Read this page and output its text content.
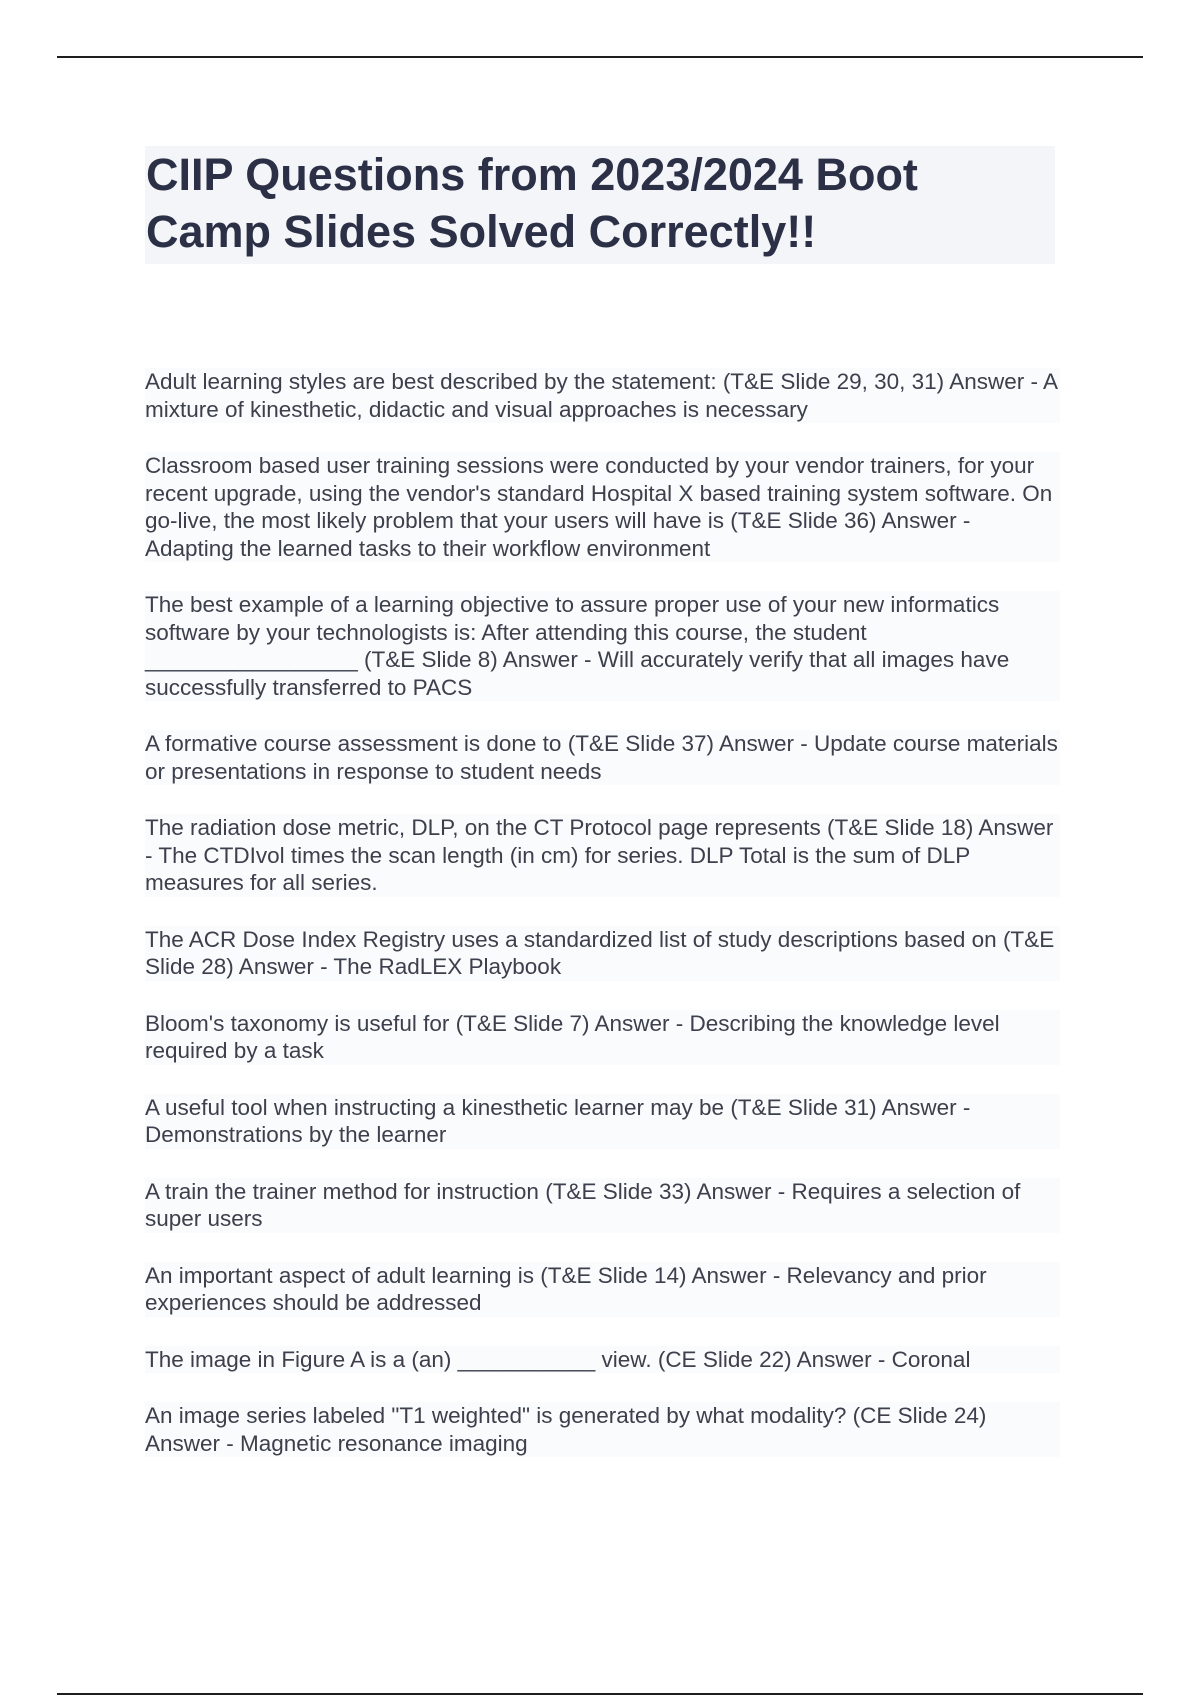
CIIP Questions from 2023/2024 Boot Camp Slides Solved Correctly!!

Adult learning styles are best described by the statement: (T&E Slide 29, 30, 31) Answer - A mixture of kinesthetic, didactic and visual approaches is necessary

Classroom based user training sessions were conducted by your vendor trainers, for your recent upgrade, using the vendor's standard Hospital X based training system software. On go-live, the most likely problem that your users will have is (T&E Slide 36) Answer - Adapting the learned tasks to their workflow environment

The best example of a learning objective to assure proper use of your new informatics software by your technologists is: After attending this course, the student _________________ (T&E Slide 8) Answer - Will accurately verify that all images have successfully transferred to PACS

A formative course assessment is done to (T&E Slide 37) Answer - Update course materials or presentations in response to student needs

The radiation dose metric, DLP, on the CT Protocol page represents (T&E Slide 18) Answer - The CTDIvol times the scan length (in cm) for series. DLP Total is the sum of DLP measures for all series.

The ACR Dose Index Registry uses a standardized list of study descriptions based on (T&E Slide 28) Answer - The RadLEX Playbook

Bloom's taxonomy is useful for (T&E Slide 7) Answer - Describing the knowledge level required by a task

A useful tool when instructing a kinesthetic learner may be (T&E Slide 31) Answer - Demonstrations by the learner

A train the trainer method for instruction (T&E Slide 33) Answer - Requires a selection of super users

An important aspect of adult learning is (T&E Slide 14) Answer - Relevancy and prior experiences should be addressed

The image in Figure A is a (an) ___________ view. (CE Slide 22) Answer - Coronal

An image series labeled "T1 weighted" is generated by what modality? (CE Slide 24) Answer - Magnetic resonance imaging
